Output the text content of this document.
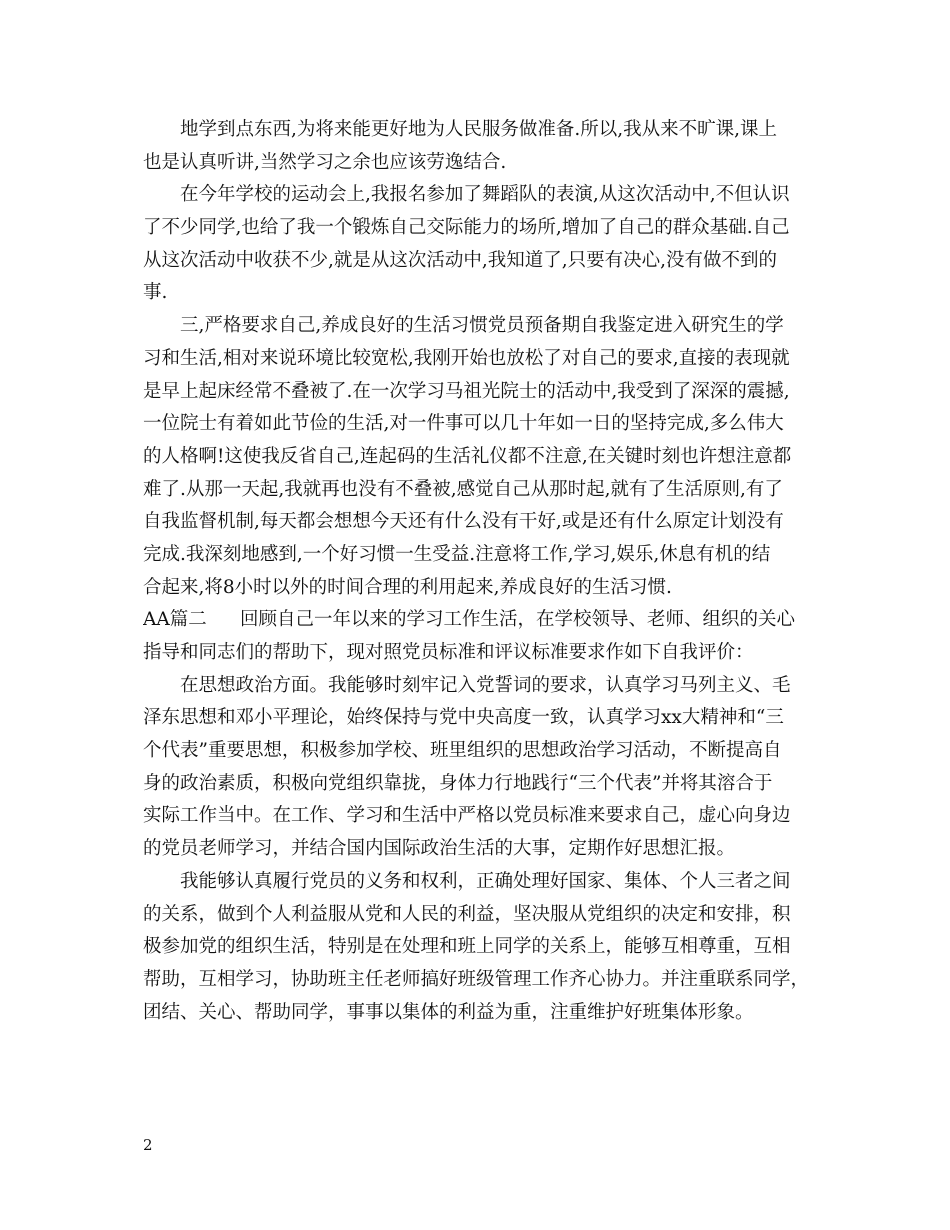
地学到点东西,为将来能更好地为人民服务做准备.所以,我从来不旷课,课上
也是认真听讲,当然学习之余也应该劳逸结合.
在今年学校的运动会上,我报名参加了舞蹈队的表演,从这次活动中,不但认识
了不少同学,也给了我一个锻炼自己交际能力的场所,增加了自己的群众基础.自己
从这次活动中收获不少,就是从这次活动中,我知道了,只要有决心,没有做不到的
事.
三,严格要求自己,养成良好的生活习惯党员预备期自我鉴定进入研究生的学
习和生活,相对来说环境比较宽松,我刚开始也放松了对自己的要求,直接的表现就
是早上起床经常不叠被了.在一次学习马祖光院士的活动中,我受到了深深的震撼,
一位院士有着如此节俭的生活,对一件事可以几十年如一日的坚持完成,多么伟大
的人格啊!这使我反省自己,连起码的生活礼仪都不注意,在关键时刻也许想注意都
难了.从那一天起,我就再也没有不叠被,感觉自己从那时起,就有了生活原则,有了
自我监督机制,每天都会想想今天还有什么没有干好,或是还有什么原定计划没有
完成.我深刻地感到,一个好习惯一生受益.注意将工作,学习,娱乐,休息有机的结
合起来,将8小时以外的时间合理的利用起来,养成良好的生活习惯.
AA篇二 回顾自己一年以来的学习工作生活，在学校领导、老师、组织的关心
指导和同志们的帮助下，现对照党员标准和评议标准要求作如下自我评价：
在思想政治方面。我能够时刻牢记入党誓词的要求，认真学习马列主义、毛
泽东思想和邓小平理论，始终保持与党中央高度一致，认真学习xx大精神和“三
个代表”重要思想，积极参加学校、班里组织的思想政治学习活动，不断提高自
身的政治素质，积极向党组织靠拢，身体力行地践行“三个代表”并将其溶合于
实际工作当中。在工作、学习和生活中严格以党员标准来要求自己，虚心向身边
的党员老师学习，并结合国内国际政治生活的大事，定期作好思想汇报。
我能够认真履行党员的义务和权利，正确处理好国家、集体、个人三者之间
的关系，做到个人利益服从党和人民的利益，坚决服从党组织的决定和安排，积
极参加党的组织生活，特别是在处理和班上同学的关系上，能够互相尊重，互相
帮助，互相学习，协助班主任老师搞好班级管理工作齐心协力。并注重联系同学，
团结、关心、帮助同学，事事以集体的利益为重，注重维护好班集体形象。
2
